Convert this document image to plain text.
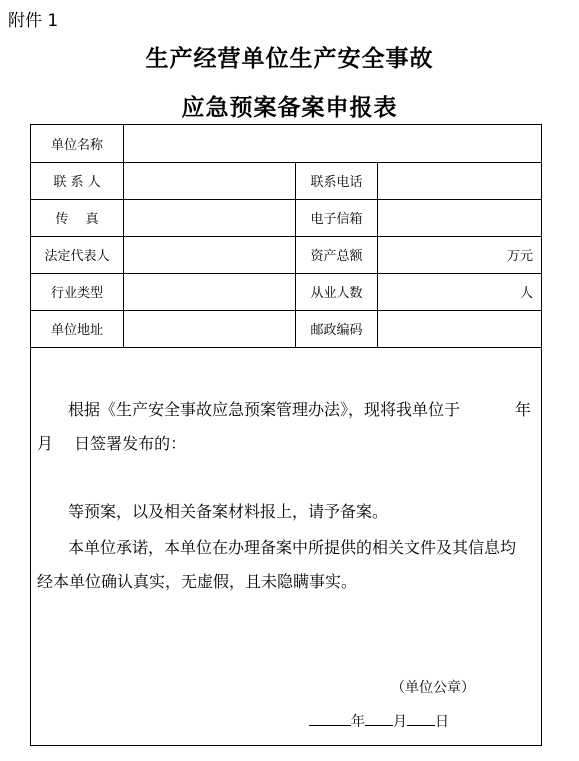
附件 1
生产经营单位生产安全事故
应急预案备案申报表
单位名称
联 系 人	联系电话
传　 真	电子信箱
法定代表人	资产总额	万元
行业类型	从业人数	人
单位地址	邮政编码
根据《生产安全事故应急预案管理办法》，现将我单位于	年
月　 日签署发布的：
等预案，以及相关备案材料报上，请予备案。
本单位承诺，本单位在办理备案中所提供的相关文件及其信息均
经本单位确认真实，无虚假，且未隐瞒事实。
（单位公章）
年 月 日
